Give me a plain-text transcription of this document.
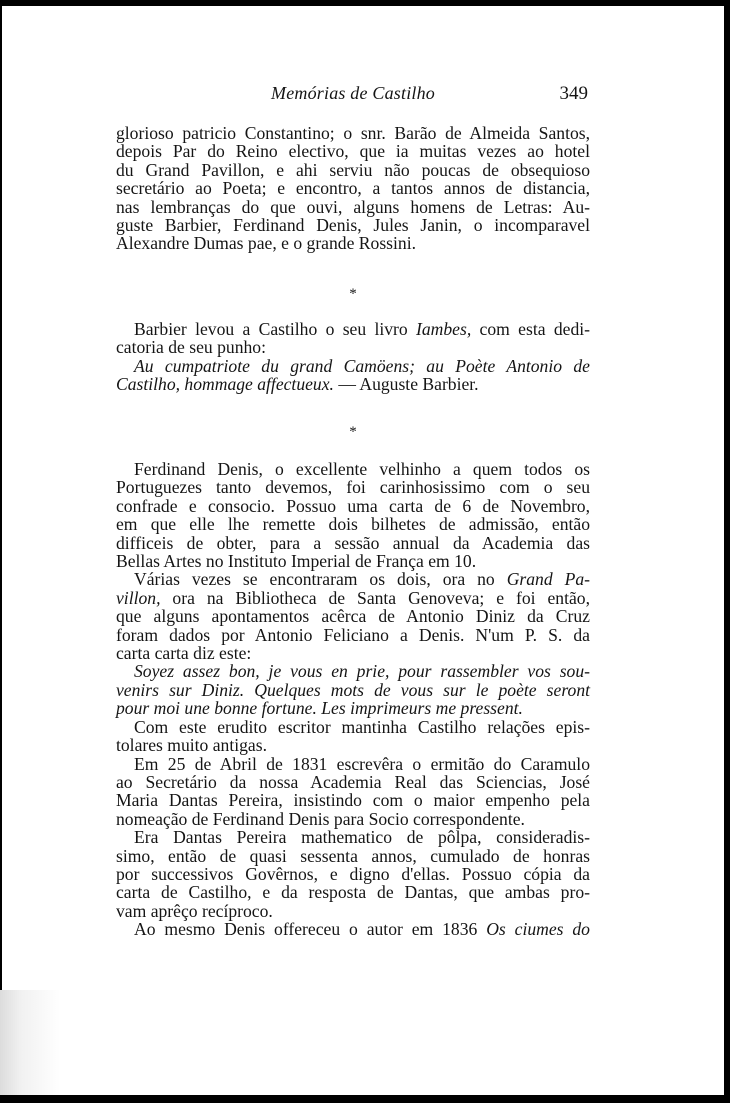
Memórias de Castilho	349

glorioso patricio Constantino; o snr. Barão de Almeida Santos,

depois Par do Reino electivo, que ia muitas vezes ao hotel

du Grand Pavillon, e ahi serviu não poucas de obsequioso

secretário ao Poeta; e encontro, a tantos annos de distancia,

nas lembranças do que ouvi, alguns homens de Letras: Au-

guste Barbier, Ferdinand Denis, Jules Janin, o incomparavel

Alexandre Dumas pae, e o grande Rossini.

*

Barbier levou a Castilho o seu livro Iambes, com esta dedi-

catoria de seu punho:

Au cumpatriote du grand Camöens; au Poète Antonio de

Castilho, hommage affectueux. — Auguste Barbier.

*

Ferdinand Denis, o excellente velhinho a quem todos os

Portuguezes tanto devemos, foi carinhosissimo com o seu

confrade e consocio. Possuo uma carta de 6 de Novembro,

em que elle lhe remette dois bilhetes de admissão, então

difficeis de obter, para a sessão annual da Academia das

Bellas Artes no Instituto Imperial de França em 10.

Várias vezes se encontraram os dois, ora no Grand Pa-

villon, ora na Bibliotheca de Santa Genoveva; e foi então,

que alguns apontamentos acêrca de Antonio Diniz da Cruz

foram dados por Antonio Feliciano a Denis. N'um P. S. da

carta carta diz este:

Soyez assez bon, je vous en prie, pour rassembler vos sou-

venirs sur Diniz. Quelques mots de vous sur le poète seront

pour moi une bonne fortune. Les imprimeurs me pressent.

Com este erudito escritor mantinha Castilho relações epis-

tolares muito antigas.

Em 25 de Abril de 1831 escrevêra o ermitão do Caramulo

ao Secretário da nossa Academia Real das Sciencias, José

Maria Dantas Pereira, insistindo com o maior empenho pela

nomeação de Ferdinand Denis para Socio correspondente.

Era Dantas Pereira mathematico de pôlpa, consideradis-

simo, então de quasi sessenta annos, cumulado de honras

por successivos Govêrnos, e digno d'ellas. Possuo cópia da

carta de Castilho, e da resposta de Dantas, que ambas pro-

vam aprêço recíproco.

Ao mesmo Denis offereceu o autor em 1836 Os ciumes do
